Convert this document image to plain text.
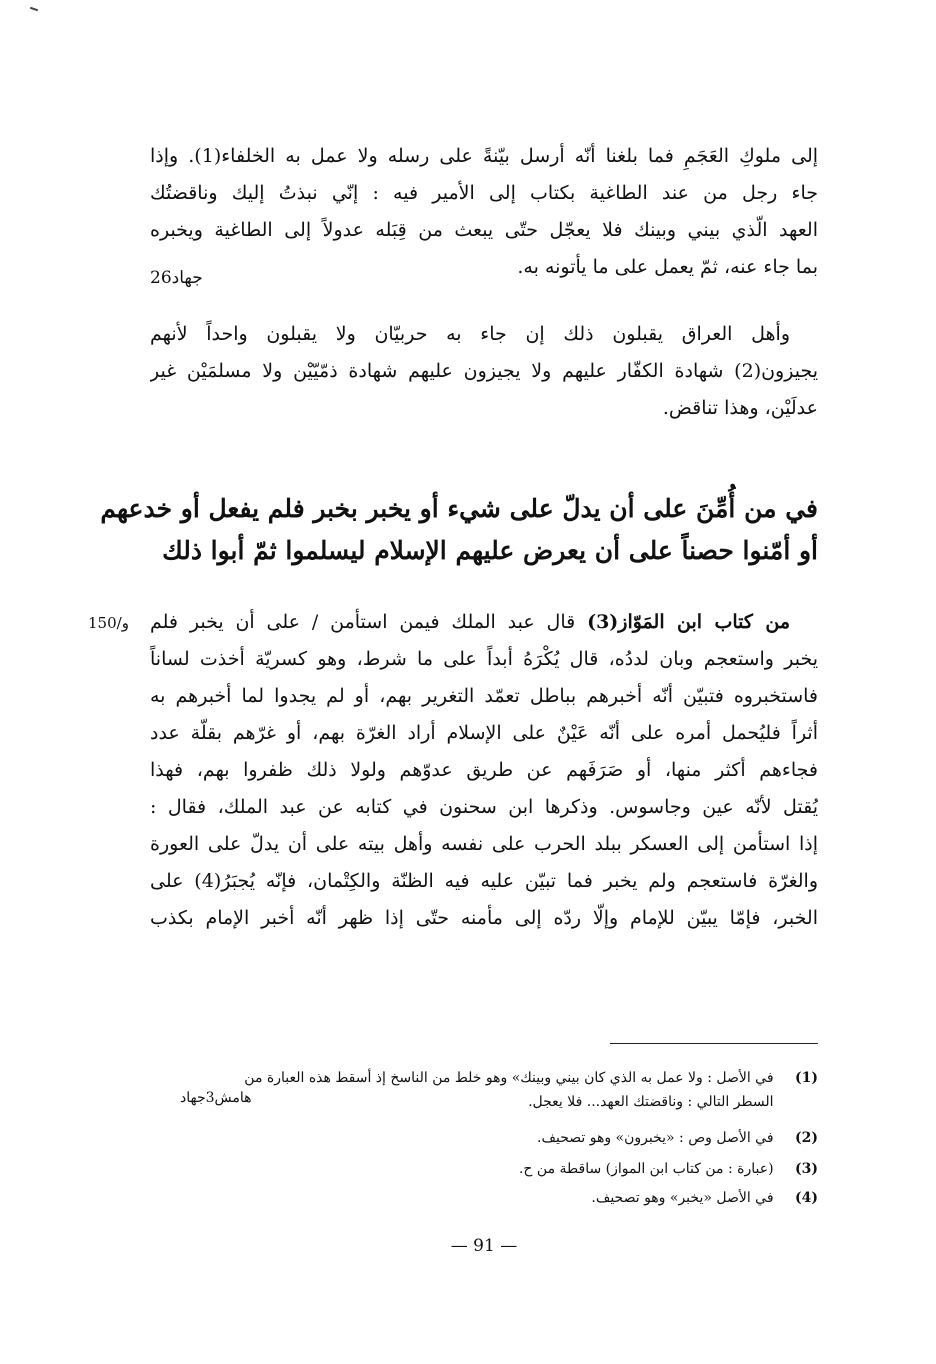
إلى ملوكِ العَجَمِ فما بلغنا أنّه أرسل بيّنةً على رسله ولا عمل به الخلفاء(1). وإذا
جاء رجل من عند الطاغية بكتاب إلى الأمير فيه : إنّي نبذتُ إليك وناقضتُك
العهد الّذي بيني وبينك فلا يعجّل حتّى يبعث من قِبَله عدولاً إلى الطاغية ويخبره
بما جاء عنه، ثمّ يعمل على ما يأتونه به.

جهاد26

وأهل العراق يقبلون ذلك إن جاء به حربيّان ولا يقبلون واحداً لأنهم
يجيزون(2) شهادة الكفّار عليهم ولا يجيزون عليهم شهادة ذمّيّيْن ولا مسلمَيْن غير
عدلَيْن، وهذا تناقض.

في من أُمِّنَ على أن يدلّ على شيء أو يخبر بخبر فلم يفعل أو خدعهم
أو أمّنوا حصناً على أن يعرض عليهم الإسلام ليسلموا ثمّ أبوا ذلك
150/و	من كتاب ابن المَوّاز(3) قال عبد الملك فيمن استأمن / على أن يخبر فلم
يخبر واستعجم وبان لددُه، قال يُكْرَهُ أبداً على ما شرط، وهو كسريّة أخذت لساناً
فاستخبروه فتبيّن أنّه أخبرهم بباطل تعمّد التغرير بهم، أو لم يجدوا لما أخبرهم به
أثراً فليُحمل أمره على أنّه عَيْنٌ على الإسلام أراد الغرّة بهم، أو غرّهم بقلّة عدد
فجاءهم أكثر منها، أو صَرَفَهم عن طريق عدوّهم ولولا ذلك ظفروا بهم، فهذا
يُقتل لأنّه عين وجاسوس. وذكرها ابن سحنون في كتابه عن عبد الملك، فقال :
إذا استأمن إلى العسكر ببلد الحرب على نفسه وأهل بيته على أن يدلّ على العورة
والغرّة فاستعجم ولم يخبر فما تبيّن عليه فيه الظنّة والكِتْمان، فإنّه يُجبَرُ(4) على
الخبر، فإمّا يبيّن للإمام وإلّا ردّه إلى مأمنه حتّى إذا ظهر أنّه أخبر الإمام بكذب

(1) في الأصل : ولا عمل به الذي كان بيني وبينك» وهو خلط من الناسخ إذ أسقط هذه العبارة من
السطر التالي : وناقضتك العهد... فلا يعجل.
هامش3جهاد
(2) في الأصل وص : «يخبرون» وهو تصحيف.
(3) (عبارة : من كتاب ابن المواز) ساقطة من ح.
(4) في الأصل «يخبر» وهو تصحيف.
— 91 —
